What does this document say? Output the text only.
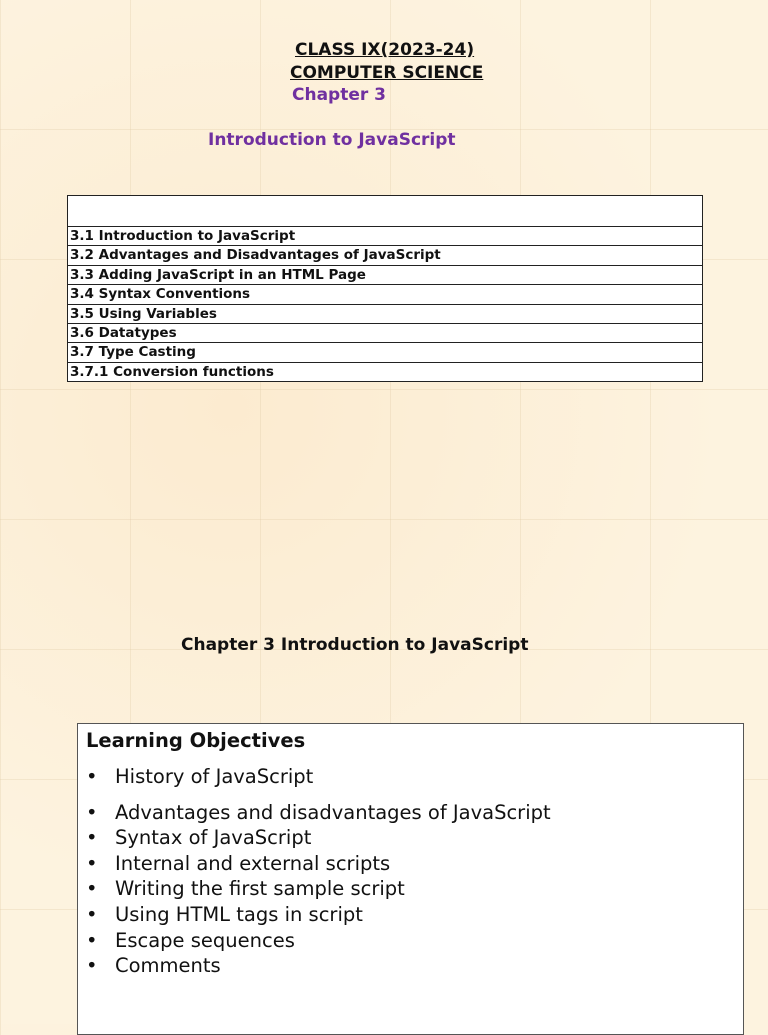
CLASS IX(2023-24)
COMPUTER SCIENCE
Chapter 3
Introduction to JavaScript
3.1 Introduction to JavaScript
3.2 Advantages and Disadvantages of JavaScript
3.3 Adding JavaScript in an HTML Page
3.4 Syntax Conventions
3.5 Using Variables
3.6 Datatypes
3.7 Type Casting
3.7.1 Conversion functions
Chapter 3 Introduction to JavaScript
Learning Objectives
• History of JavaScript
• Advantages and disadvantages of JavaScript
• Syntax of JavaScript
• Internal and external scripts
• Writing the first sample script
• Using HTML tags in script
• Escape sequences
• Comments
